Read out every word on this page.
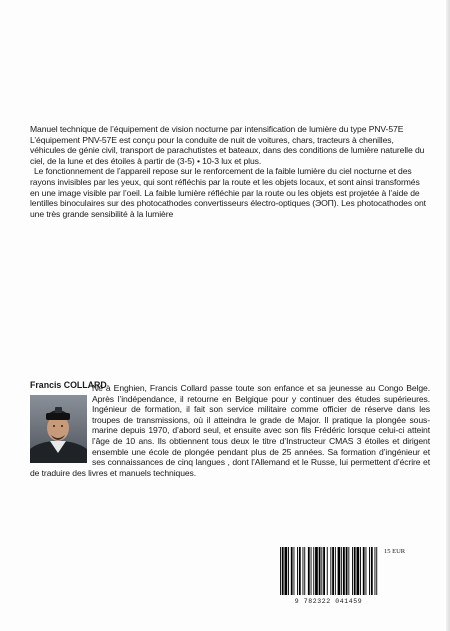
Manuel technique de l’équipement de vision nocturne par intensification de lumière du type PNV-57E

L’équipement PNV-57E est conçu pour la conduite de nuit de voitures, chars, tracteurs à chenilles, véhicules de génie civil, transport de parachutistes et bateaux, dans des conditions de lumière naturelle du ciel, de la lune et des étoiles à partir de (3-5) • 10-3 lux et plus.

Le fonctionnement de l’appareil repose sur le renforcement de la faible lumière du ciel nocturne et des rayons invisibles par les yeux, qui sont réfléchis par la route et les objets locaux, et sont ainsi transformés en une image visible par l’oeil. La faible lumière réfléchie par la route ou les objets est projetée à l’aide de lentilles binoculaires sur des photocathodes convertisseurs électro-optiques (ЭОП). Les photocathodes ont une très grande sensibilité à la lumière

Francis COLLARD
Né à Enghien, Francis Collard passe toute son enfance et sa jeunesse au Congo Belge. Après l’indépendance, il retourne en Belgique pour y continuer des études supérieures. Ingénieur de formation, il fait son service militaire comme officier de réserve dans les troupes de transmissions, où il atteindra le grade de Major. Il pratique la plongée sous-marine depuis 1970, d’abord seul, et ensuite avec son fils Frédéric lorsque celui-ci atteint l’âge de 10 ans. Ils obtiennent tous deux le titre d’Instructeur CMAS 3 étoiles et dirigent ensemble une école de plongée pendant plus de 25 années. Sa formation d’ingénieur et ses connaissances de cinq langues , dont l’Allemand et le Russe, lui permettent d’écrire et de traduire des livres et manuels techniques.
9 782322 041459
15 EUR
